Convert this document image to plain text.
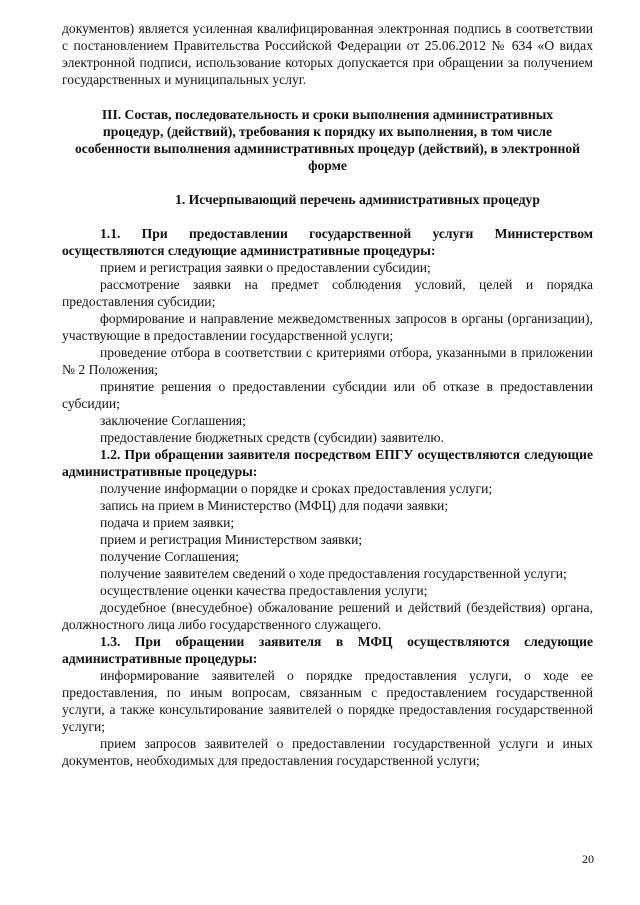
документов) является усиленная квалифицированная электронная подпись в соответствии с постановлением Правительства Российской Федерации от 25.06.2012 № 634 «О видах электронной подписи, использование которых допускается при обращении за получением государственных и муниципальных услуг.

III. Состав, последовательность и сроки выполнения административных процедур, (действий), требования к порядку их выполнения, в том числе особенности выполнения административных процедур (действий), в электронной форме

1. Исчерпывающий перечень административных процедур

1.1. При предоставлении государственной услуги Министерством осуществляются следующие административные процедуры:

прием и регистрация заявки о предоставлении субсидии;

рассмотрение заявки на предмет соблюдения условий, целей и порядка предоставления субсидии;

формирование и направление межведомственных запросов в органы (организации), участвующие в предоставлении государственной услуги;

проведение отбора в соответствии с критериями отбора, указанными в приложении № 2 Положения;

принятие решения о предоставлении субсидии или об отказе в предоставлении субсидии;

заключение Соглашения;

предоставление бюджетных средств (субсидии) заявителю.

1.2. При обращении заявителя посредством ЕПГУ осуществляются следующие административные процедуры:

получение информации о порядке и сроках предоставления услуги;

запись на прием в Министерство (МФЦ) для подачи заявки;

подача и прием заявки;

прием и регистрация Министерством заявки;

получение Соглашения;

получение заявителем сведений о ходе предоставления государственной услуги;

осуществление оценки качества предоставления услуги;

досудебное (внесудебное) обжалование решений и действий (бездействия) органа, должностного лица либо государственного служащего.

1.3. При обращении заявителя в МФЦ осуществляются следующие административные процедуры:

информирование заявителей о порядке предоставления услуги, о ходе ее предоставления, по иным вопросам, связанным с предоставлением государственной услуги, а также консультирование заявителей о порядке предоставления государственной услуги;

прием запросов заявителей о предоставлении государственной услуги и иных документов, необходимых для предоставления государственной услуги;

20
